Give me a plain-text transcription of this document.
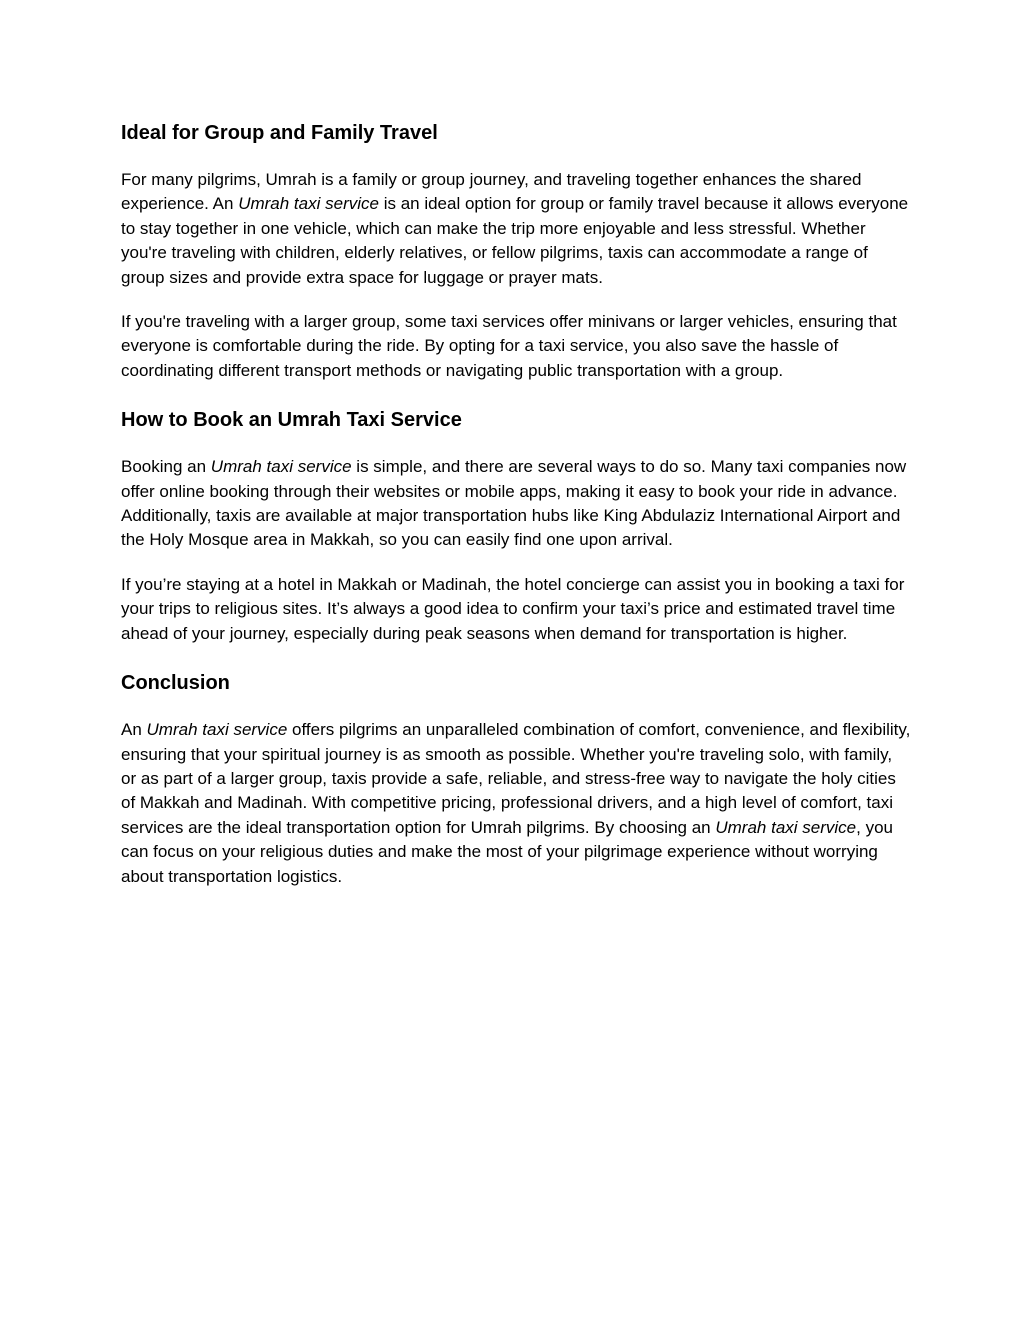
Ideal for Group and Family Travel

For many pilgrims, Umrah is a family or group journey, and traveling together enhances the shared experience. An Umrah taxi service is an ideal option for group or family travel because it allows everyone to stay together in one vehicle, which can make the trip more enjoyable and less stressful. Whether you're traveling with children, elderly relatives, or fellow pilgrims, taxis can accommodate a range of group sizes and provide extra space for luggage or prayer mats.

If you're traveling with a larger group, some taxi services offer minivans or larger vehicles, ensuring that everyone is comfortable during the ride. By opting for a taxi service, you also save the hassle of coordinating different transport methods or navigating public transportation with a group.

How to Book an Umrah Taxi Service

Booking an Umrah taxi service is simple, and there are several ways to do so. Many taxi companies now offer online booking through their websites or mobile apps, making it easy to book your ride in advance. Additionally, taxis are available at major transportation hubs like King Abdulaziz International Airport and the Holy Mosque area in Makkah, so you can easily find one upon arrival.

If you’re staying at a hotel in Makkah or Madinah, the hotel concierge can assist you in booking a taxi for your trips to religious sites. It’s always a good idea to confirm your taxi’s price and estimated travel time ahead of your journey, especially during peak seasons when demand for transportation is higher.

Conclusion

An Umrah taxi service offers pilgrims an unparalleled combination of comfort, convenience, and flexibility, ensuring that your spiritual journey is as smooth as possible. Whether you're traveling solo, with family, or as part of a larger group, taxis provide a safe, reliable, and stress-free way to navigate the holy cities of Makkah and Madinah. With competitive pricing, professional drivers, and a high level of comfort, taxi services are the ideal transportation option for Umrah pilgrims. By choosing an Umrah taxi service, you can focus on your religious duties and make the most of your pilgrimage experience without worrying about transportation logistics.
